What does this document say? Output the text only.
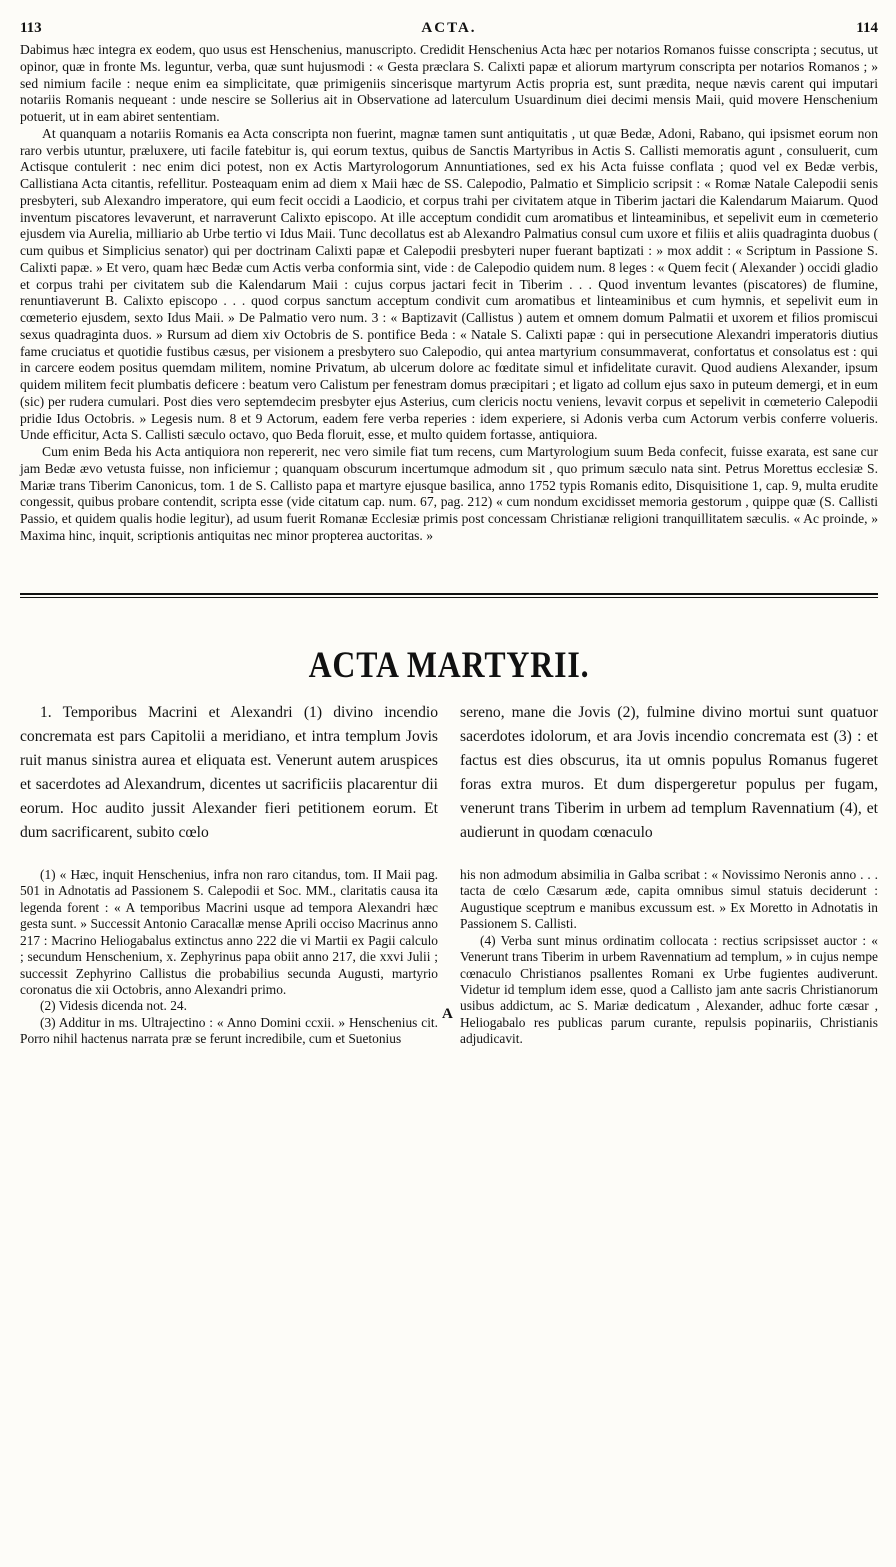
113	ACTA.	114

Dabimus hæc integra ex eodem, quo usus est Henschenius, manuscripto. Credidit Henschenius Acta hæc per notarios Romanos fuisse conscripta ; secutus, ut opinor, quæ in fronte Ms. leguntur, verba, quæ sunt hujusmodi : « Gesta præclara S. Calixti papæ et aliorum martyrum conscripta per notarios Romanos ; » sed nimium facile : neque enim ea simplicitate, quæ primigeniis sincerisque martyrum Actis propria est, sunt prædita, neque nævis carent qui imputari notariis Romanis nequeant : unde nescire se Sollerius ait in Observatione ad laterculum Usuardinum diei decimi mensis Maii, quid movere Henschenium potuerit, ut in eam abiret sententiam.

At quanquam a notariis Romanis ea Acta conscripta non fuerint, magnæ tamen sunt antiquitatis , ut quæ Bedæ, Adoni, Rabano, qui ipsismet eorum non raro verbis utuntur, præluxere, uti facile fatebitur is, qui eorum textus, quibus de Sanctis Martyribus in Actis S. Callisti memoratis agunt , consuluerit, cum Actisque contulerit : nec enim dici potest, non ex Actis Martyrologorum Annuntiationes, sed ex his Acta fuisse conflata ; quod vel ex Bedæ verbis, Callistiana Acta citantis, refellitur. Posteaquam enim ad diem x Maii hæc de SS. Calepodio, Palmatio et Simplicio scripsit : « Romæ Natale Calepodii senis presbyteri, sub Alexandro imperatore, qui eum fecit occidi a Laodicio, et corpus trahi per civitatem atque in Tiberim jactari die Kalendarum Maiarum. Quod inventum piscatores levaverunt, et narraverunt Calixto episcopo. At ille acceptum condidit cum aromatibus et linteaminibus, et sepelivit eum in cœmeterio ejusdem via Aurelia, milliario ab Urbe tertio vi Idus Maii. Tunc decollatus est ab Alexandro Palmatius consul cum uxore et filiis et aliis quadraginta duobus ( cum quibus et Simplicius senator) qui per doctrinam Calixti papæ et Calepodii presbyteri nuper fuerant baptizati : » mox addit : « Scriptum in Passione S. Calixti papæ. » Et vero, quam hæc Bedæ cum Actis verba conformia sint, vide : de Calepodio quidem num. 8 leges : « Quem fecit ( Alexander ) occidi gladio et corpus trahi per civitatem sub die Kalendarum Maii : cujus corpus jactari fecit in Tiberim . . . Quod inventum levantes (piscatores) de flumine, renuntiaverunt B. Calixto episcopo . . . quod corpus sanctum acceptum condivit cum aromatibus et linteaminibus et cum hymnis, et sepelivit eum in cœmeterio ejusdem, sexto Idus Maii. » De Palmatio vero num. 3 : « Baptizavit (Callistus ) autem et omnem domum Palmatii et uxorem et filios promiscui sexus quadraginta duos. » Rursum ad diem xiv Octobris de S. pontifice Beda : « Natale S. Calixti papæ : qui in persecutione Alexandri imperatoris diutius fame cruciatus et quotidie fustibus cæsus, per visionem a presbytero suo Calepodio, qui antea martyrium consummaverat, confortatus et consolatus est : qui in carcere eodem positus quemdam militem, nomine Privatum, ab ulcerum dolore ac fœditate simul et infidelitate curavit. Quod audiens Alexander, ipsum quidem militem fecit plumbatis deficere : beatum vero Calistum per fenestram domus præcipitari ; et ligato ad collum ejus saxo in puteum demergi, et in eum (sic) per rudera cumulari. Post dies vero septemdecim presbyter ejus Asterius, cum clericis noctu veniens, levavit corpus et sepelivit in cœmeterio Calepodii pridie Idus Octobris. » Legesis num. 8 et 9 Actorum, eadem fere verba reperies : idem experiere, si Adonis verba cum Actorum verbis conferre volueris. Unde efficitur, Acta S. Callisti sæculo octavo, quo Beda floruit, esse, et multo quidem fortasse, antiquiora.

Cum enim Beda his Acta antiquiora non repererit, nec vero simile fiat tum recens, cum Martyrologium suum Beda confecit, fuisse exarata, est sane cur jam Bedæ ævo vetusta fuisse, non inficiemur ; quanquam obscurum incertumque admodum sit , quo primum sæculo nata sint. Petrus Morettus ecclesiæ S. Mariæ trans Tiberim Canonicus, tom. 1 de S. Callisto papa et martyre ejusque basilica, anno 1752 typis Romanis edito, Disquisitione 1, cap. 9, multa erudite congessit, quibus probare contendit, scripta esse (vide citatum cap. num. 67, pag. 212) « cum nondum excidisset memoria gestorum , quippe quæ (S. Callisti Passio, et quidem qualis hodie legitur), ad usum fuerit Romanæ Ecclesiæ primis post concessam Christianæ religioni tranquillitatem sæculis. « Ac proinde, » Maxima hinc, inquit, scriptionis antiquitas nec minor propterea auctoritas. »

ACTA MARTYRII.

1. Temporibus Macrini et Alexandri (1) divino incendio concremata est pars Capitolii a meridiano, et intra templum Jovis ruit manus sinistra aurea et eliquata est. Venerunt autem aruspices et sacerdotes ad Alexandrum, dicentes ut sacrificiis placarentur dii eorum. Hoc audito jussit Alexander fieri petitionem eorum. Et dum sacrificarent, subito cœlo

sereno, mane die Jovis (2), fulmine divino mortui sunt quatuor sacerdotes idolorum, et ara Jovis incendio concremata est (3) : et factus est dies obscurus, ita ut omnis populus Romanus fugeret foras extra muros. Et dum dispergeretur populus per fugam, venerunt trans Tiberim in urbem ad templum Ravennatium (4), et audierunt in quodam cœnaculo

A

(1) « Hæc, inquit Henschenius, infra non raro citandus, tom. II Maii pag. 501 in Adnotatis ad Passionem S. Calepodii et Soc. MM., claritatis causa ita legenda forent : « A temporibus Macrini usque ad tempora Alexandri hæc gesta sunt. » Successit Antonio Caracallæ mense Aprili occiso Macrinus anno 217 : Macrino Heliogabalus extinctus anno 222 die vi Martii ex Pagii calculo ; secundum Henschenium, x. Zephyrinus papa obiit anno 217, die xxvi Julii ; successit Zephyrino Callistus die probabilius secunda Augusti, martyrio coronatus die xii Octobris, anno Alexandri primo.

(2) Videsis dicenda not. 24.

(3) Additur in ms. Ultrajectino : « Anno Domini ccxii. » Henschenius cit. Porro nihil hactenus narrata præ se ferunt incredibile, cum et Suetonius

his non admodum absimilia in Galba scribat : « Novissimo Neronis anno . . . tacta de cœlo Cæsarum æde, capita omnibus simul statuis deciderunt : Augustique sceptrum e manibus excussum est. » Ex Moretto in Adnotatis in Passionem S. Callisti.

(4) Verba sunt minus ordinatim collocata : rectius scripsisset auctor : « Venerunt trans Tiberim in urbem Ravennatium ad templum, » in cujus nempe cœnaculo Christianos psallentes Romani ex Urbe fugientes audiverunt. Videtur id templum idem esse, quod a Callisto jam ante sacris Christianorum usibus addictum, ac S. Mariæ dedicatum , Alexander, adhuc forte cæsar , Heliogabalo res publicas parum curante, repulsis popinariis, Christianis adjudicavit.
